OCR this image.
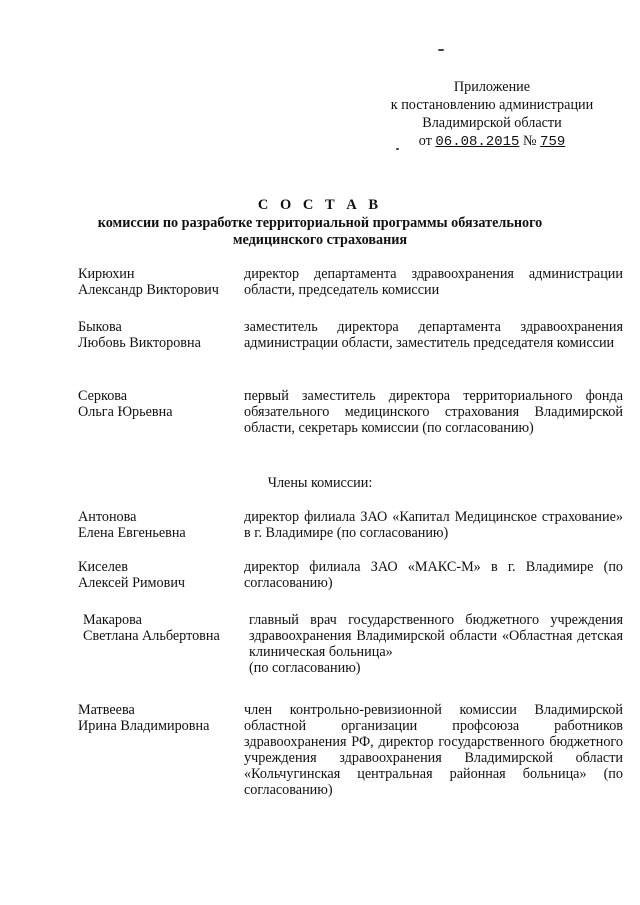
Приложение
к постановлению администрации
Владимирской области
от 06.08.2015 № 759
С О С Т А В
комиссии по разработке территориальной программы обязательного
медицинского страхования
Кирюхин
Александр Викторович
директор департамента здравоохранения администрации области, председатель комиссии
Быкова
Любовь Викторовна
заместитель директора департамента здравоохранения администрации области, заместитель председателя комиссии
Серкова
Ольга Юрьевна
первый заместитель директора территориального фонда обязательного медицинского страхования Владимирской области, секретарь комиссии (по согласованию)
Члены комиссии:
Антонова
Елена Евгеньевна
директор филиала ЗАО «Капитал Медицинское страхование» в г. Владимире (по согласованию)
Киселев
Алексей Римович
директор филиала ЗАО «МАКС-М» в г. Владимире (по согласованию)
Макарова
Светлана Альбертовна
главный врач государственного бюджетного учреждения здравоохранения Владимирской области «Областная детская клиническая больница»
(по согласованию)
Матвеева
Ирина Владимировна
член контрольно-ревизионной комиссии Владимирской областной организации профсоюза работников здравоохранения РФ, директор государственного бюджетного учреждения здравоохранения Владимирской области «Кольчугинская центральная районная больница» (по согласованию)
